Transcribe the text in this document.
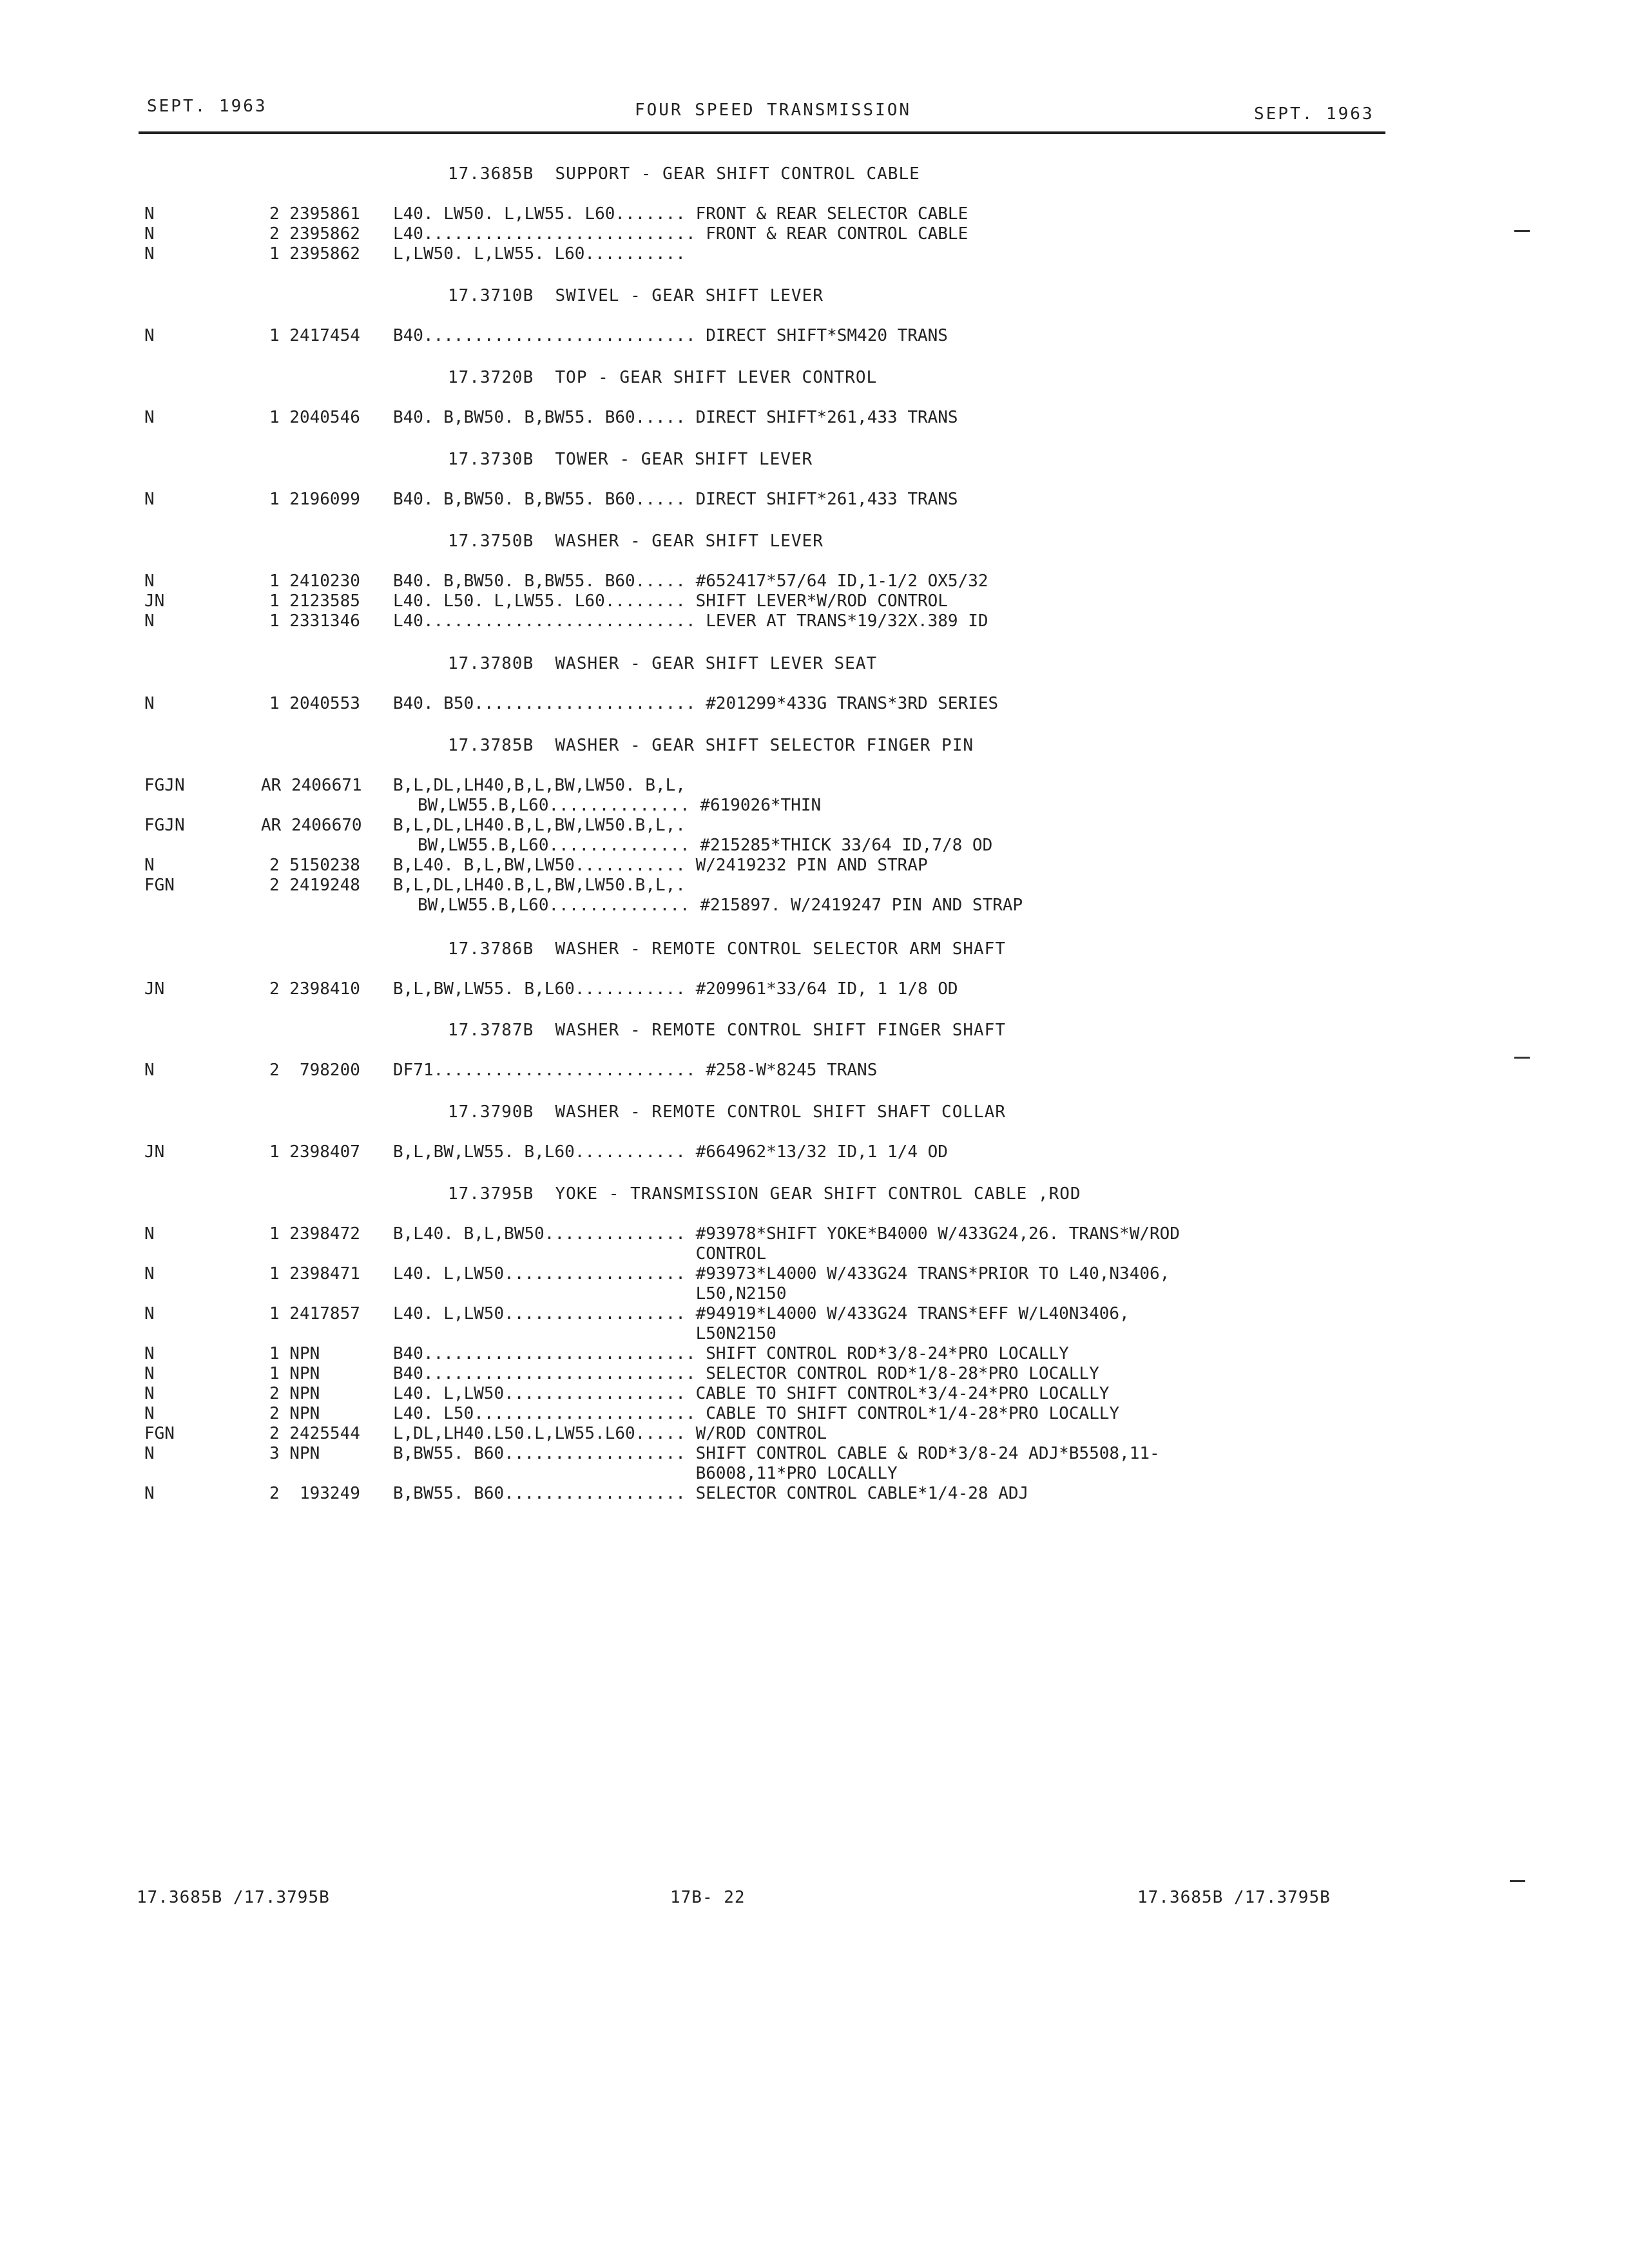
SEPT. 1963	FOUR SPEED TRANSMISSION	SEPT. 1963
17.3685B  SUPPORT - GEAR SHIFT CONTROL CABLE
N	2 2395861 L40. LW50. L,LW55. L60....... FRONT & REAR SELECTOR CABLE
N	2 2395862 L40........................... FRONT & REAR CONTROL CABLE
N	1 2395862 L,LW50. L,LW55. L60..........
17.3710B  SWIVEL - GEAR SHIFT LEVER
N	1 2417454 B40........................... DIRECT SHIFT*SM420 TRANS
17.3720B  TOP - GEAR SHIFT LEVER CONTROL
N	1 2040546 B40. B,BW50. B,BW55. B60..... DIRECT SHIFT*261,433 TRANS
17.3730B  TOWER - GEAR SHIFT LEVER
N	1 2196099 B40. B,BW50. B,BW55. B60..... DIRECT SHIFT*261,433 TRANS
17.3750B  WASHER - GEAR SHIFT LEVER
N	1 2410230 B40. B,BW50. B,BW55. B60..... #652417*57/64 ID,1-1/2 OX5/32
JN	1 2123585 L40. L50. L,LW55. L60........ SHIFT LEVER*W/ROD CONTROL
N	1 2331346 L40........................... LEVER AT TRANS*19/32X.389 ID
17.3780B  WASHER - GEAR SHIFT LEVER SEAT
N	1 2040553 B40. B50...................... #201299*433G TRANS*3RD SERIES
17.3785B  WASHER - GEAR SHIFT SELECTOR FINGER PIN
FGJN	AR 2406671 B,L,DL,LH40,B,L,BW,LW50. B,L,
BW,LW55.B,L60.............. #619026*THIN
FGJN	AR 2406670 B,L,DL,LH40.B,L,BW,LW50.B,L,.
BW,LW55.B,L60.............. #215285*THICK 33/64 ID,7/8 OD
N	2 5150238 B,L40. B,L,BW,LW50........... W/2419232 PIN AND STRAP
FGN	2 2419248 B,L,DL,LH40.B,L,BW,LW50.B,L,.
BW,LW55.B,L60.............. #215897. W/2419247 PIN AND STRAP
17.3786B  WASHER - REMOTE CONTROL SELECTOR ARM SHAFT
JN	2 2398410 B,L,BW,LW55. B,L60........... #209961*33/64 ID, 1 1/8 OD
17.3787B  WASHER - REMOTE CONTROL SHIFT FINGER SHAFT
N	2  798200 DF71.......................... #258-W*8245 TRANS
17.3790B  WASHER - REMOTE CONTROL SHIFT SHAFT COLLAR
JN	1 2398407 B,L,BW,LW55. B,L60........... #664962*13/32 ID,1 1/4 OD
17.3795B  YOKE - TRANSMISSION GEAR SHIFT CONTROL CABLE ,ROD
N	1 2398472 B,L40. B,L,BW50.............. #93978*SHIFT YOKE*B4000 W/433G24,26. TRANS*W/ROD
CONTROL
N	1 2398471 L40. L,LW50.................. #93973*L4000 W/433G24 TRANS*PRIOR TO L40,N3406,
L50,N2150
N	1 2417857 L40. L,LW50.................. #94919*L4000 W/433G24 TRANS*EFF W/L40N3406,
L50N2150
N	1 NPN	B40........................... SHIFT CONTROL ROD*3/8-24*PRO LOCALLY
N	1 NPN	B40........................... SELECTOR CONTROL ROD*1/8-28*PRO LOCALLY
N	2 NPN	L40. L,LW50.................. CABLE TO SHIFT CONTROL*3/4-24*PRO LOCALLY
N	2 NPN	L40. L50...................... CABLE TO SHIFT CONTROL*1/4-28*PRO LOCALLY
FGN	2 2425544 L,DL,LH40.L50.L,LW55.L60..... W/ROD CONTROL
N	3 NPN	B,BW55. B60.................. SHIFT CONTROL CABLE & ROD*3/8-24 ADJ*B5508,11-
B6008,11*PRO LOCALLY
N	2  193249 B,BW55. B60.................. SELECTOR CONTROL CABLE*1/4-28 ADJ
17.3685B /17.3795B	17B- 22	17.3685B /17.3795B
